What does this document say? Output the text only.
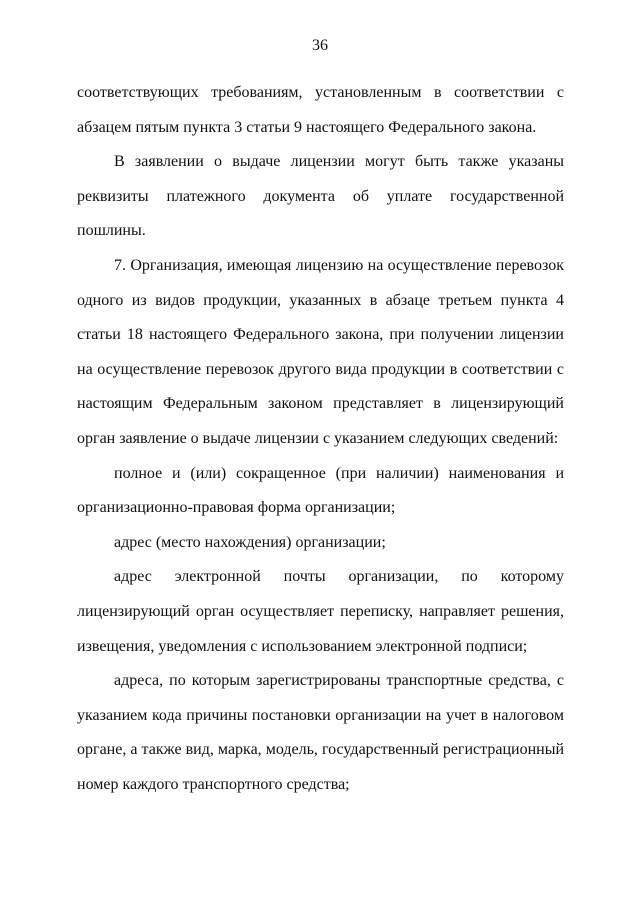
36

соответствующих требованиям, установленным в соответствии с абзацем пятым пункта 3 статьи 9 настоящего Федерального закона.

В заявлении о выдаче лицензии могут быть также указаны реквизиты платежного документа об уплате государственной пошлины.

7. Организация, имеющая лицензию на осуществление перевозок одного из видов продукции, указанных в абзаце третьем пункта 4 статьи 18 настоящего Федерального закона, при получении лицензии на осуществление перевозок другого вида продукции в соответствии с настоящим Федеральным законом представляет в лицензирующий орган заявление о выдаче лицензии с указанием следующих сведений:

полное и (или) сокращенное (при наличии) наименования и организационно-правовая форма организации;

адрес (место нахождения) организации;

адрес электронной почты организации, по которому лицензирующий орган осуществляет переписку, направляет решения, извещения, уведомления с использованием электронной подписи;

адреса, по которым зарегистрированы транспортные средства, с указанием кода причины постановки организации на учет в налоговом органе, а также вид, марка, модель, государственный регистрационный номер каждого транспортного средства;
